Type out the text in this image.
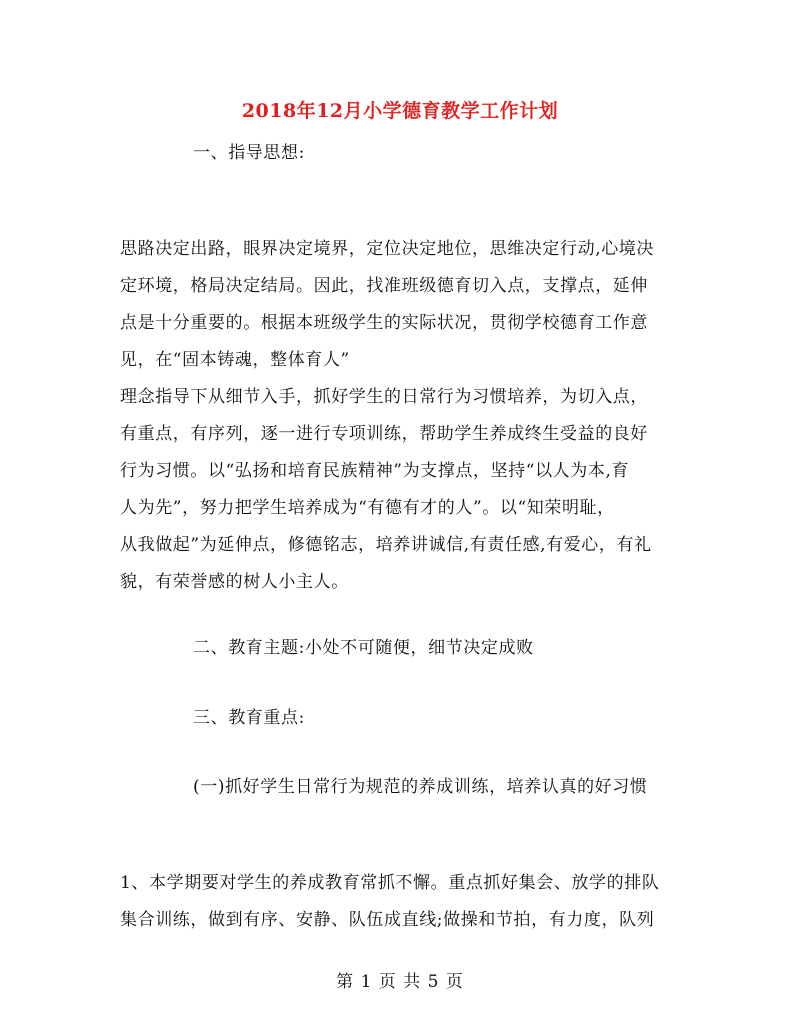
2018年12月小学德育教学工作计划
一、指导思想:
思路决定出路，眼界决定境界，定位决定地位，思维决定行动,心境决
定环境，格局决定结局。因此，找准班级德育切入点，支撑点，延伸
点是十分重要的。根据本班级学生的实际状况，贯彻学校德育工作意
见，在“固本铸魂，整体育人”
理念指导下从细节入手，抓好学生的日常行为习惯培养，为切入点，
有重点，有序列，逐一进行专项训练，帮助学生养成终生受益的良好
行为习惯。以“弘扬和培育民族精神”为支撑点，坚持“以人为本,育
人为先”，努力把学生培养成为“有德有才的人”。以“知荣明耻，
从我做起”为延伸点，修德铭志，培养讲诚信,有责任感,有爱心，有礼
貌，有荣誉感的树人小主人。
二、教育主题:小处不可随便，细节决定成败
三、教育重点:
(一)抓好学生日常行为规范的养成训练，培养认真的好习惯
1、本学期要对学生的养成教育常抓不懈。重点抓好集会、放学的排队
集合训练，做到有序、安静、队伍成直线;做操和节拍，有力度，队列
第 1 页 共 5 页
